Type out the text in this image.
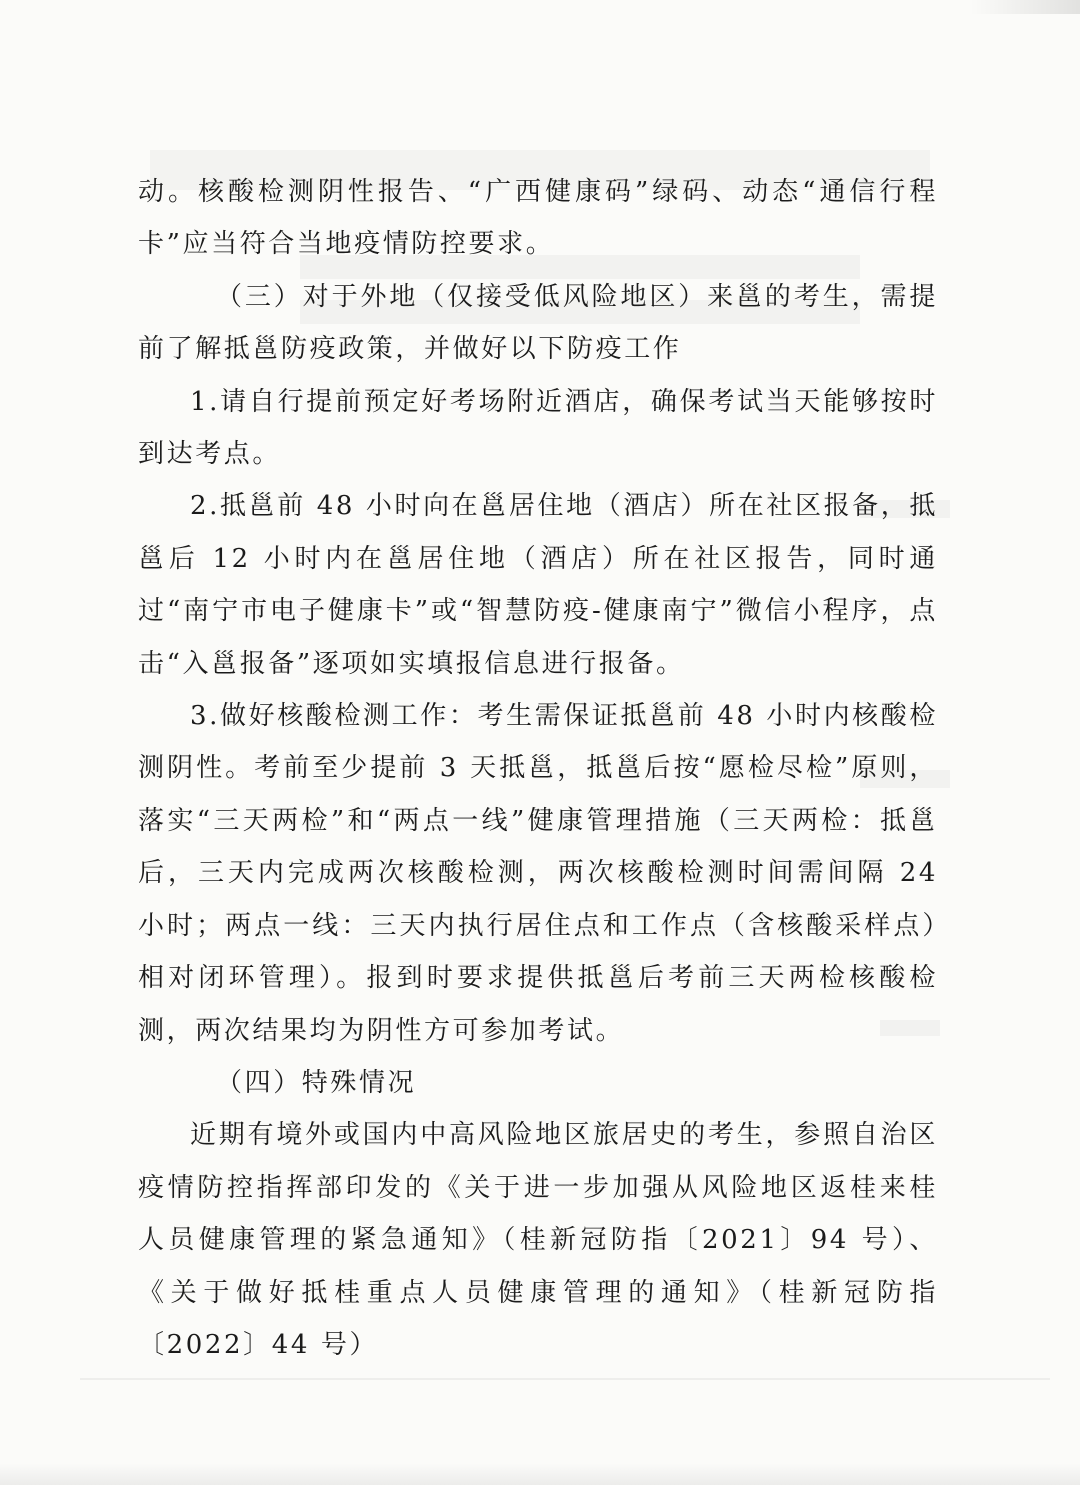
动。核酸检测阴性报告、“广西健康码”绿码、动态“通信行程卡”应当符合当地疫情防控要求。

（三）对于外地（仅接受低风险地区）来邕的考生，需提前了解抵邕防疫政策，并做好以下防疫工作

1.请自行提前预定好考场附近酒店，确保考试当天能够按时到达考点。

2.抵邕前 48 小时向在邕居住地（酒店）所在社区报备，抵邕后 12 小时内在邕居住地（酒店）所在社区报告，同时通过“南宁市电子健康卡”或“智慧防疫-健康南宁”微信小程序，点击“入邕报备”逐项如实填报信息进行报备。

3.做好核酸检测工作：考生需保证抵邕前 48 小时内核酸检测阴性。考前至少提前 3 天抵邕，抵邕后按“愿检尽检”原则，落实“三天两检”和“两点一线”健康管理措施（三天两检：抵邕后，三天内完成两次核酸检测，两次核酸检测时间需间隔 24 小时；两点一线：三天内执行居住点和工作点（含核酸采样点）相对闭环管理）。报到时要求提供抵邕后考前三天两检核酸检测，两次结果均为阴性方可参加考试。

（四）特殊情况

近期有境外或国内中高风险地区旅居史的考生，参照自治区疫情防控指挥部印发的《关于进一步加强从风险地区返桂来桂人员健康管理的紧急通知》（桂新冠防指〔2021〕94 号）、《关于做好抵桂重点人员健康管理的通知》（桂新冠防指〔2022〕44 号）
